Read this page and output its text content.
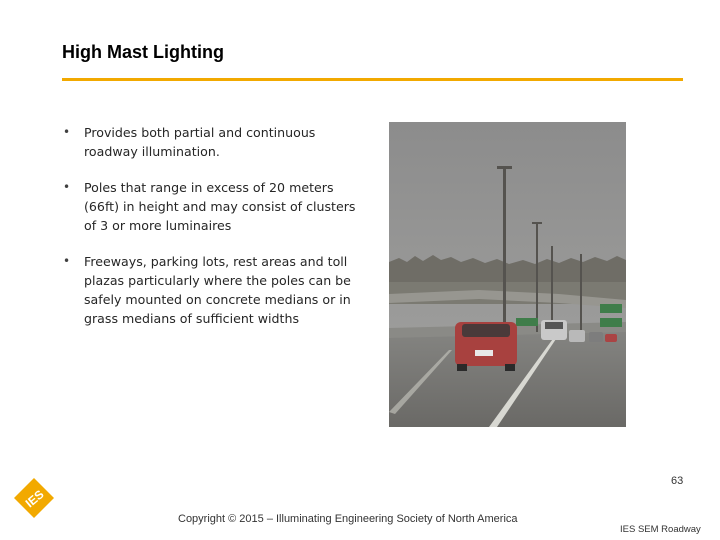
High Mast Lighting
• Provides both partial and continuous roadway illumination.
• Poles that range in excess of 20 meters (66ft) in height and may consist of clusters of 3 or more luminaires
• Freeways, parking lots, rest areas and toll plazas particularly where the poles can be safely mounted on concrete medians or in grass medians of sufficient widths
IES
Copyright © 2015 – Illuminating Engineering Society of North America
63
IES SEM Roadway
